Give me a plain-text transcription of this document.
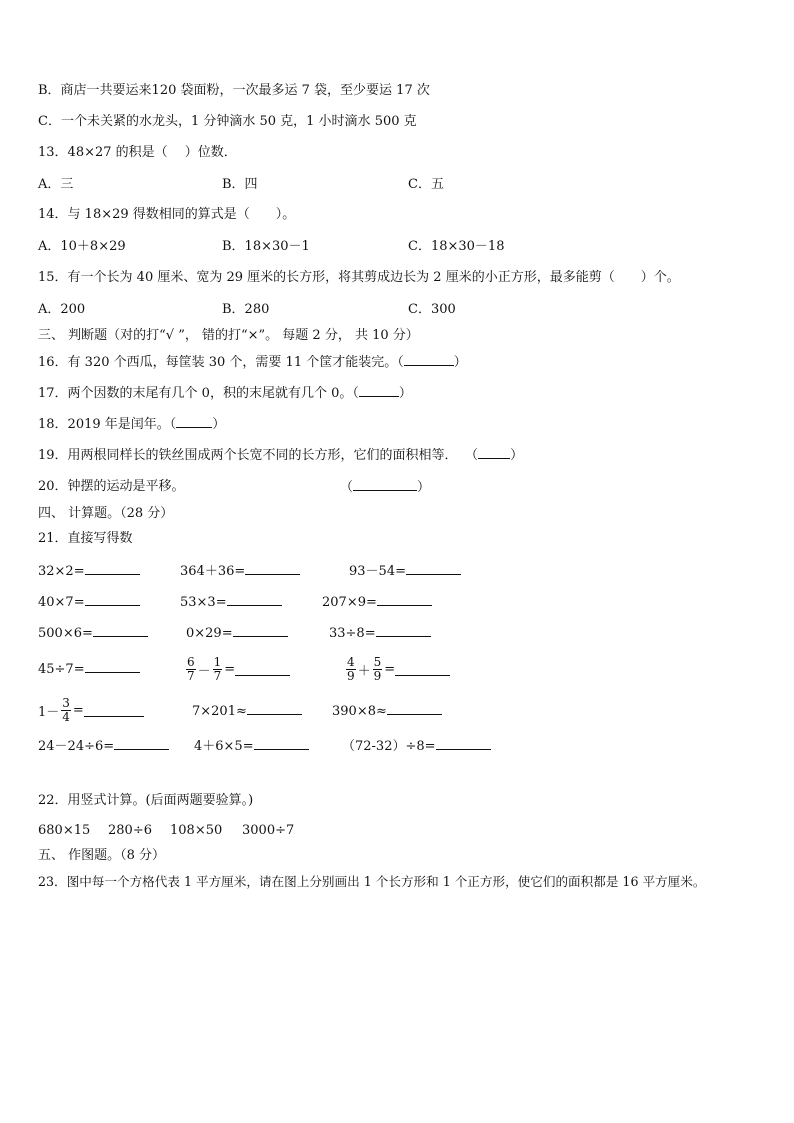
B．商店一共要运来120 袋面粉，一次最多运 7 袋，至少要运 17 次
C．一个未关紧的水龙头，1 分钟滴水 50 克，1 小时滴水 500 克
13．48×27 的积是（　 ）位数．
A．三	B．四	C．五
14．与 18×29 得数相同的算式是（　　）。
A．10＋8×29	B．18×30－1	C．18×30－18
15．有一个长为 40 厘米、宽为 29 厘米的长方形，将其剪成边长为 2 厘米的小正方形，最多能剪（　　）个。
A．200	B．280	C．300
三、 判断题（对的打“√ ”， 错的打“×”。 每题 2 分， 共 10 分）
16．有 320 个西瓜，每筐装 30 个，需要 11 个筐才能装完。（	）
17．两个因数的末尾有几个 0，积的末尾就有几个 0。（	）
18．2019 年是闰年。（	）
19．用两根同样长的铁丝围成两个长宽不同的长方形，它们的面积相等． （ ）
20．钟摆的运动是平移。	（	）
四、 计算题。（28 分）
21．直接写得数
32×2=	364＋36=	93－54=
40×7=	53×3=	207×9=
500×6=	0×29=	33÷8=
45÷7=	$\frac{6}{7} - \frac{1}{7}$ =	$\frac{4}{9} + \frac{5}{9}$ =
$1- \frac{3}{4}$ =	7×201≈	390×8≈
24－24÷6=	4＋6×5=	（72-32）÷8=
22．用竖式计算。(后面两题要验算。)
680×15 280÷6 108×50 3000÷7
五、 作图题。（8 分）
23．图中每一个方格代表 1 平方厘米，请在图上分别画出 1 个长方形和 1 个正方形，使它们的面积都是 16 平方厘米。
